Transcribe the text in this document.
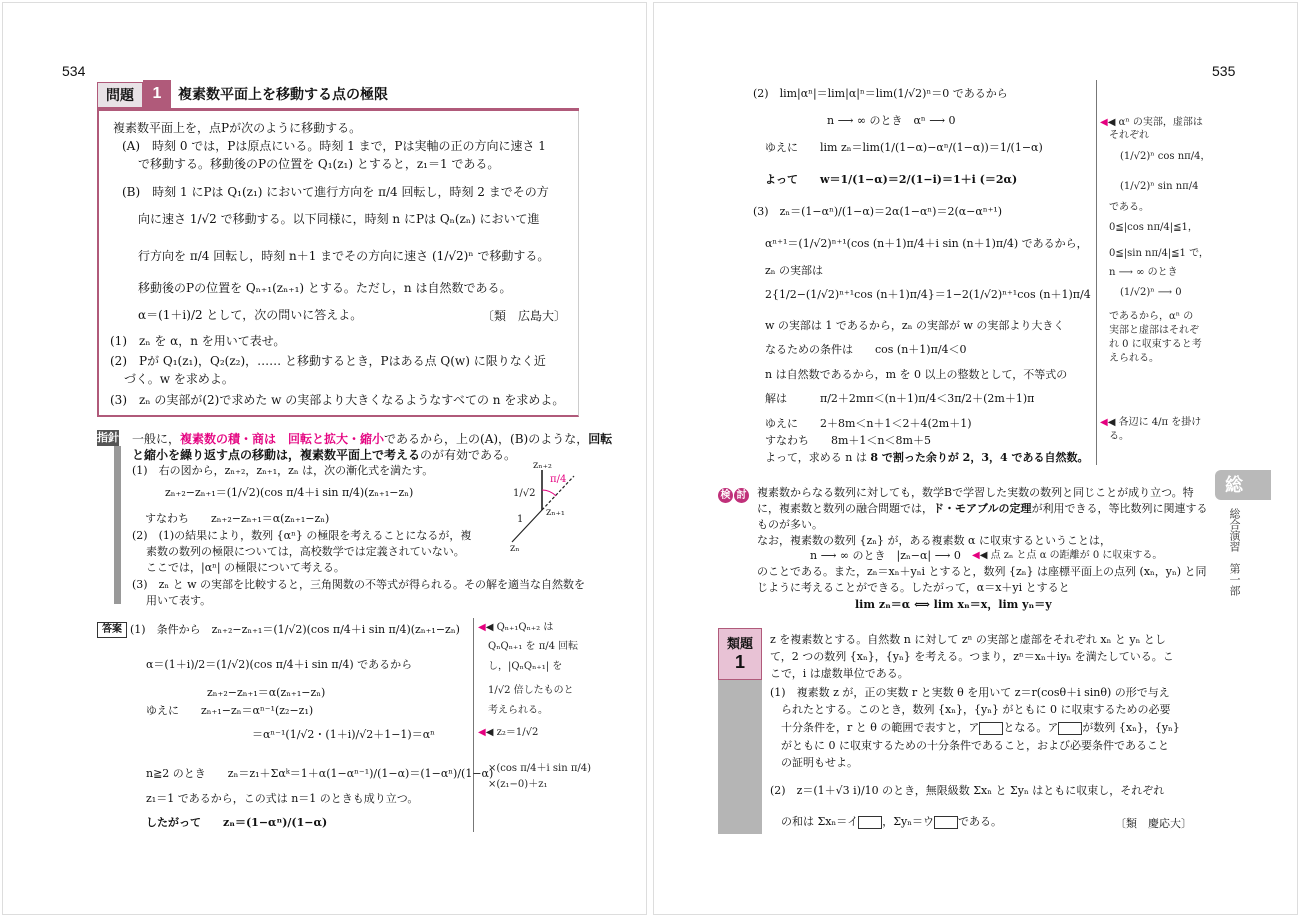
534
問題	1	複素数平面上を移動する点の極限
複素数平面上を，点Pが次のように移動する。
(A)　時刻 0 では，Pは原点にいる。時刻 1 まで，Pは実軸の正の方向に速さ 1
で移動する。移動後のPの位置を Q₁(z₁) とすると，z₁＝1 である。
(B)　時刻 1 にPは Q₁(z₁) において進行方向を π/4 回転し，時刻 2 までその方
向に速さ 1/√2 で移動する。以下同様に，時刻 n にPは Qₙ(zₙ) において進
行方向を π/4 回転し，時刻 n＋1 までその方向に速さ (1/√2)ⁿ で移動する。
移動後のPの位置を Qₙ₊₁(zₙ₊₁) とする。ただし，n は自然数である。
α＝(1＋i)/2 として，次の問いに答えよ。	〔類　広島大〕
(1)　zₙ を α，n を用いて表せ。
(2)　Pが Q₁(z₁)，Q₂(z₂)，…… と移動するとき，Pはある点 Q(w) に限りなく近
づく。w を求めよ。
(3)　zₙ の実部が(2)で求めた w の実部より大きくなるようなすべての n を求めよ。
指針 一般に，複素数の積・商は　回転と拡大・縮小であるから，上の(A)，(B)のような，回転
と縮小を繰り返す点の移動は，複素数平面上で考えるのが有効である。
(1)　右の図から，zₙ₊₂，zₙ₊₁，zₙ は，次の漸化式を満たす。
zₙ₊₂−zₙ₊₁＝(1/√2)(cos π/4＋i sin π/4)(zₙ₊₁−zₙ)
すなわち　　zₙ₊₂−zₙ₊₁＝α(zₙ₊₁−zₙ)
(2)　(1)の結果により，数列 {αⁿ} の極限を考えることになるが，複
素数の数列の極限については，高校数学では定義されていない。
ここでは，|αⁿ| の極限について考える。
(3)　zₙ と w の実部を比較すると，三角関数の不等式が得られる。その解を適当な自然数を
用いて表す。
zₙ₊₂
π/4
1/√2
zₙ₊₁
1
zₙ
答案 (1)　条件から　zₙ₊₂−zₙ₊₁＝(1/√2)(cos π/4＋i sin π/4)(zₙ₊₁−zₙ)
α＝(1＋i)/2＝(1/√2)(cos π/4＋i sin π/4) であるから
zₙ₊₂−zₙ₊₁＝α(zₙ₊₁−zₙ)
ゆえに　　zₙ₊₁−zₙ＝αⁿ⁻¹(z₂−z₁)
＝αⁿ⁻¹(1/√2・(1＋i)/√2＋1−1)＝αⁿ
n≧2 のとき　　zₙ＝z₁＋Σαᵏ＝1＋α(1−αⁿ⁻¹)/(1−α)＝(1−αⁿ)/(1−α)
z₁＝1 であるから，この式は n＝1 のときも成り立つ。
したがって　　zₙ＝(1−αⁿ)/(1−α)
◀◀ Qₙ₊₁Qₙ₊₂ は
QₙQₙ₊₁ を π/4 回転
し，|QₙQₙ₊₁| を
1/√2 倍したものと
考えられる。
◀◀ z₂＝1/√2
×(cos π/4＋i sin π/4)
×(z₁−0)＋z₁
535
(2)　lim|αⁿ|＝lim|α|ⁿ＝lim(1/√2)ⁿ＝0 であるから
n ⟶ ∞ のとき　αⁿ ⟶ 0
ゆえに　　lim zₙ＝lim(1/(1−α)−αⁿ/(1−α))＝1/(1−α)
よって　　w＝1/(1−α)＝2/(1−i)＝1＋i (＝2α)
(3)　zₙ＝(1−αⁿ)/(1−α)＝2α(1−αⁿ)＝2(α−αⁿ⁺¹)
αⁿ⁺¹＝(1/√2)ⁿ⁺¹(cos (n＋1)π/4＋i sin (n＋1)π/4) であるから，
zₙ の実部は
2{1/2−(1/√2)ⁿ⁺¹cos (n＋1)π/4}＝1−2(1/√2)ⁿ⁺¹cos (n＋1)π/4
w の実部は 1 であるから，zₙ の実部が w の実部より大きく
なるための条件は　　cos (n＋1)π/4＜0
n は自然数であるから，m を 0 以上の整数として，不等式の
解は　　　π/2＋2mπ＜(n＋1)π/4＜3π/2＋(2m＋1)π
ゆえに　　2＋8m＜n＋1＜2＋4(2m＋1)
すなわち　　8m＋1＜n＜8m＋5
よって，求める n は 8 で割った余りが 2，3，4 である自然数。
◀◀ αⁿ の実部，虚部は
それぞれ
(1/√2)ⁿ cos nπ/4，
(1/√2)ⁿ sin nπ/4
である。
0≦|cos nπ/4|≦1，
0≦|sin nπ/4|≦1 で，
n ⟶ ∞ のとき
(1/√2)ⁿ ⟶ 0
であるから，αⁿ の
実部と虚部はそれぞ
れ 0 に収束すると考
えられる。
◀◀ 各辺に 4/π を掛け
る。
総
総合演習　第一部
検 討 複素数からなる数列に対しても，数学Bで学習した実数の数列と同じことが成り立つ。特
に，複素数と数列の融合問題では，ド・モアブルの定理が利用できる，等比数列に関連する
ものが多い。
なお，複素数の数列 {zₙ} が，ある複素数 α に収束するということは，
n ⟶ ∞ のとき　|zₙ−α| ⟶ 0 ◀◀ 点 zₙ と点 α の距離が 0 に収束する。
のことである。また，zₙ＝xₙ＋yₙi とすると，数列 {zₙ} は座標平面上の点列 (xₙ，yₙ) と同
じように考えることができる。したがって，α＝x＋yi とすると
lim zₙ＝α ⟺ lim xₙ＝x，lim yₙ＝y
類題
1
z を複素数とする。自然数 n に対して zⁿ の実部と虚部をそれぞれ xₙ と yₙ とし
て，2 つの数列 {xₙ}，{yₙ} を考える。つまり，zⁿ＝xₙ＋iyₙ を満たしている。こ
こで，i は虚数単位である。
(1)　複素数 z が，正の実数 r と実数 θ を用いて z＝r(cosθ＋i sinθ) の形で与え
られたとする。このとき，数列 {xₙ}，{yₙ} がともに 0 に収束するための必要
十分条件を，r と θ の範囲で表すと，ア となる。ア が数列 {xₙ}，{yₙ}
がともに 0 に収束するための十分条件であること，および必要条件であること
の証明もせよ。
(2)　z＝(1＋√3 i)/10 のとき，無限級数 Σxₙ と Σyₙ はともに収束し，それぞれ
の和は Σxₙ＝イ ，Σyₙ＝ウ である。	〔類　慶応大〕
